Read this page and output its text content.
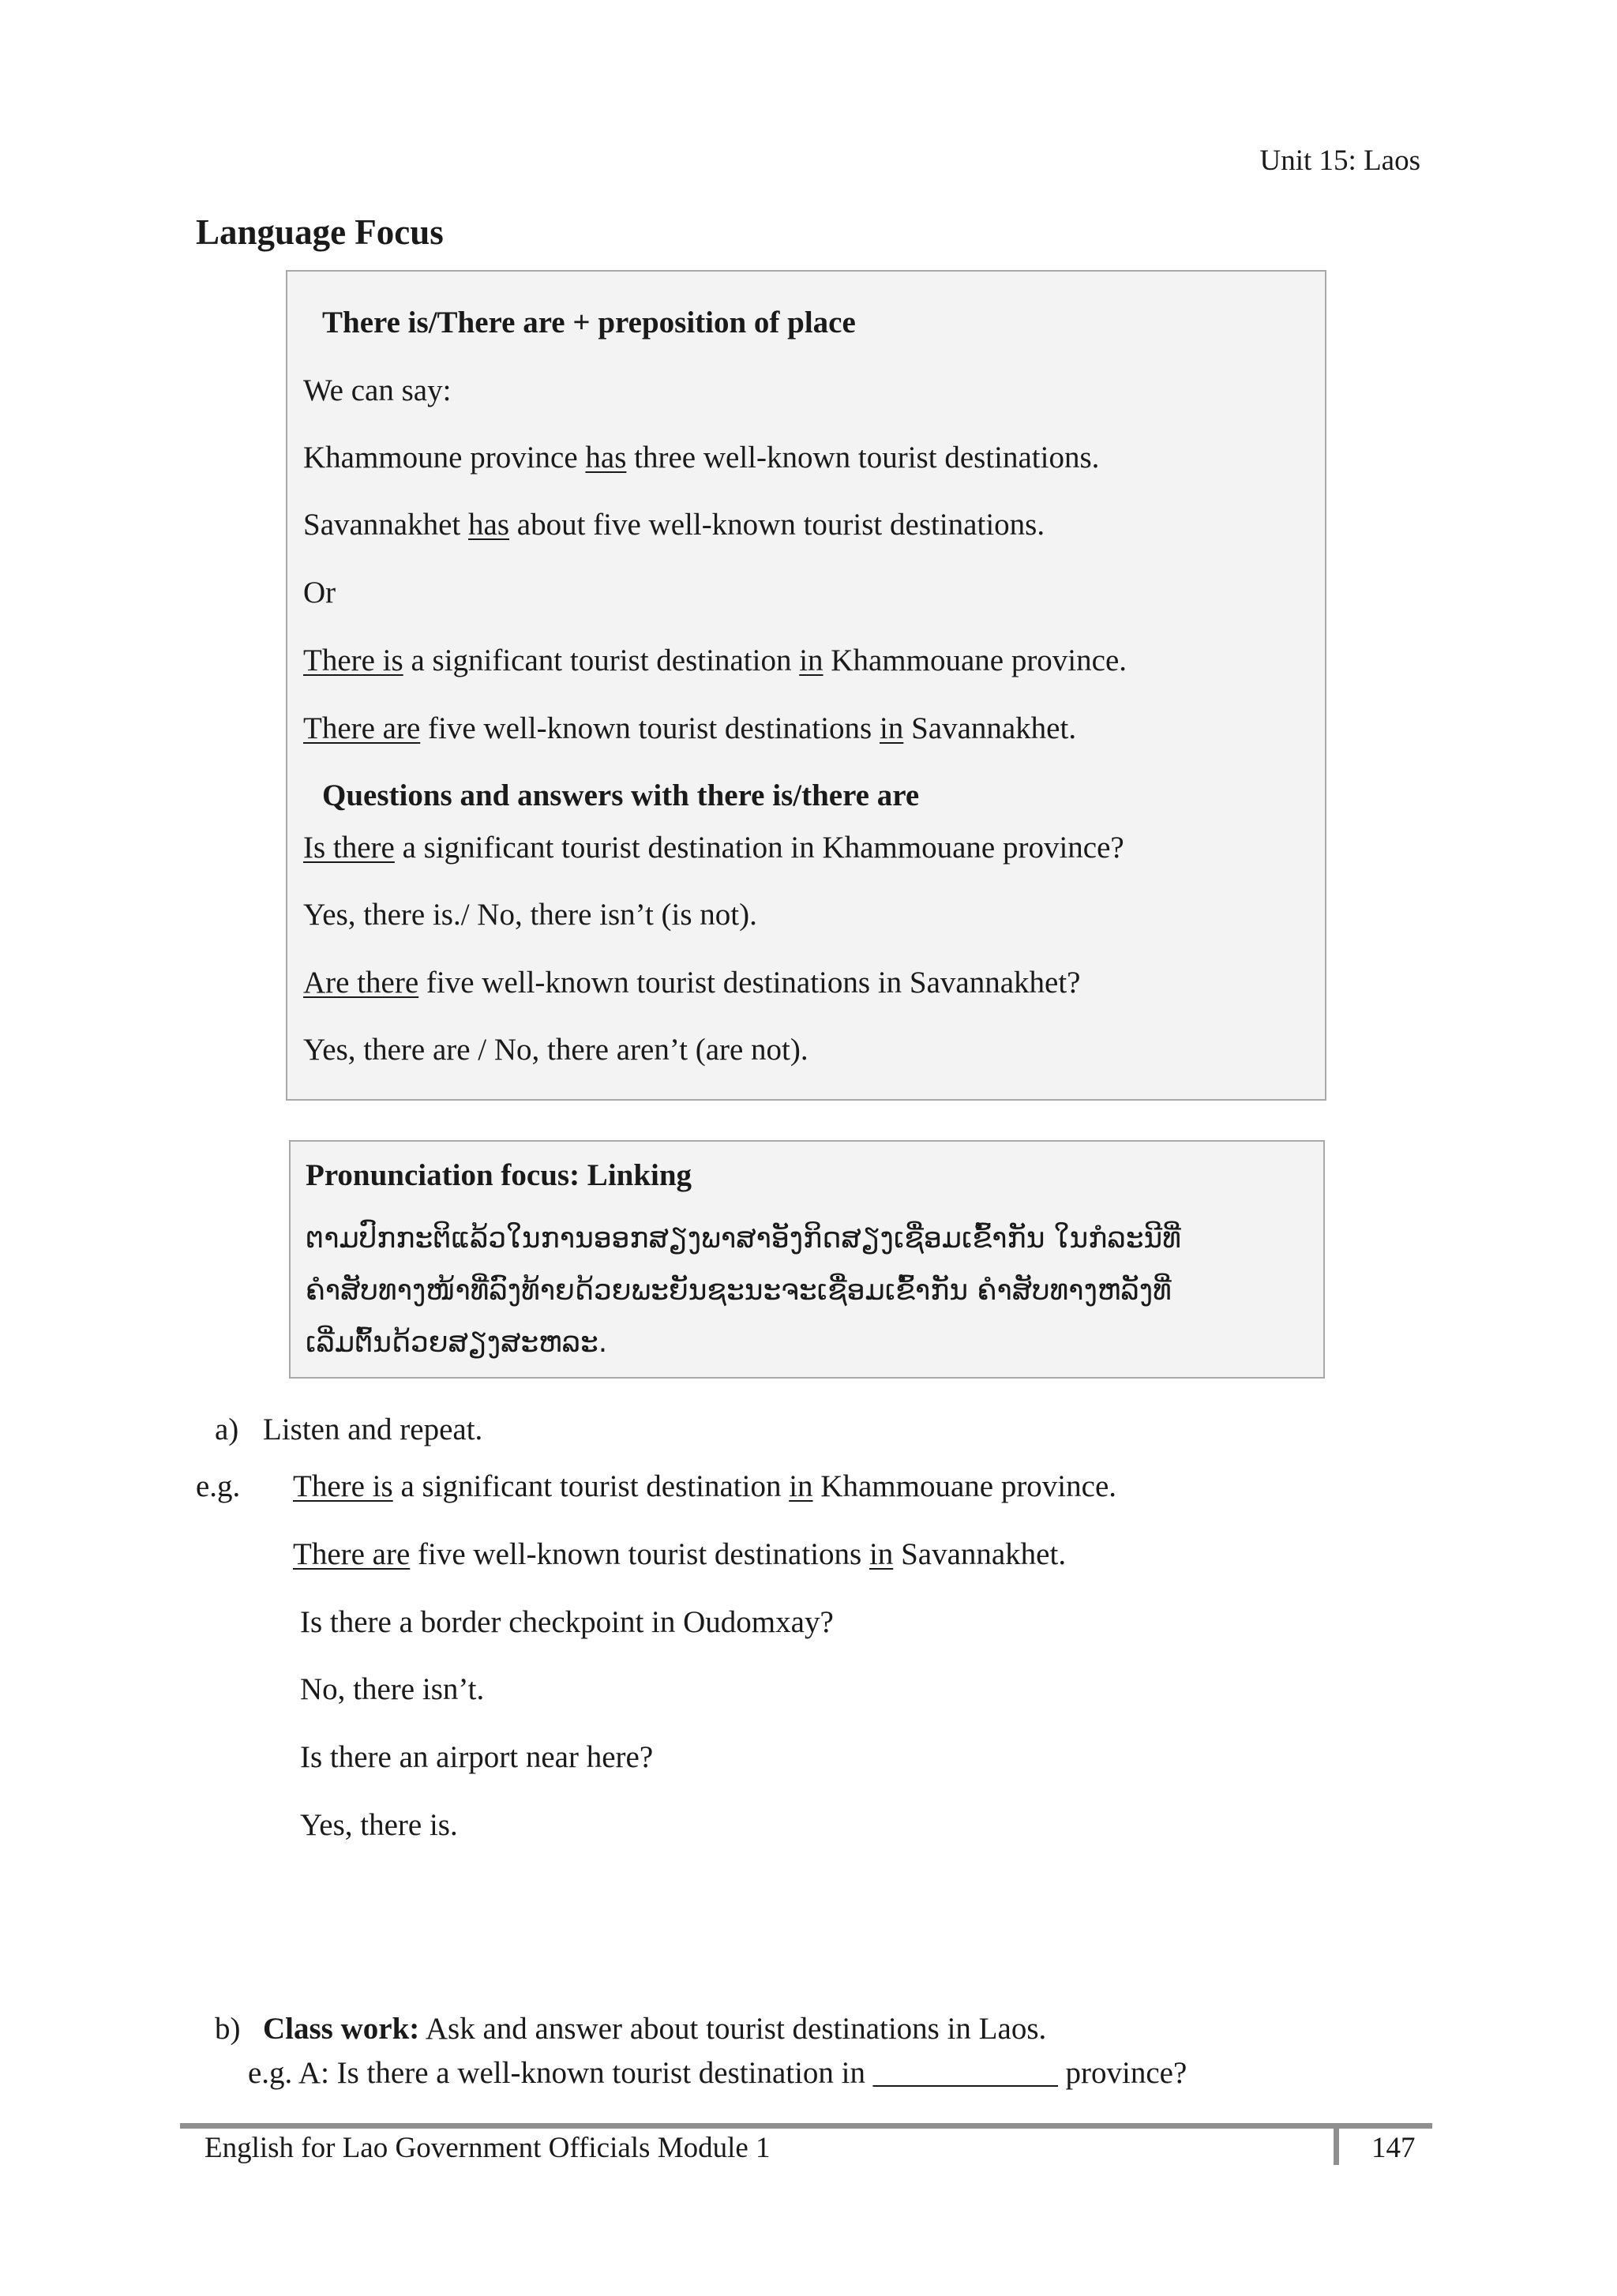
Unit 15: Laos
Language Focus
There is/There are + preposition of place
We can say:
Khammoune province has three well-known tourist destinations.
Savannakhet has about five well-known tourist destinations.
Or
There is a significant tourist destination in Khammouane province.
There are five well-known tourist destinations in Savannakhet.
Questions and answers with there is/there are
Is there a significant tourist destination in Khammouane province?
Yes, there is./ No, there isn’t (is not).
Are there five well-known tourist destinations in Savannakhet?
Yes, there are / No, there aren’t (are not).
Pronunciation focus: Linking
ຕາມປົກກະຕິແລ້ວໃນການອອກສຽງພາສາອັງກິດສຽງເຊື່ອມເຂົ້າກັນ ໃນກໍລະນີທີ່
ຄຳສັບທາງໜ້າທີ່ລົງທ້າຍດ້ວຍພະຍັນຊະນະຈະເຊື່ອມເຂົ້າກັນ ຄຳສັບທາງຫລັງທີ່
ເລີ່ມຕົ້ນດ້ວຍສຽງສະຫລະ.
a) Listen and repeat.
e.g. There is a significant tourist destination in Khammouane province.
There are five well-known tourist destinations in Savannakhet.
Is there a border checkpoint in Oudomxay?
No, there isn’t.
Is there an airport near here?
Yes, there is.
b) Class work: Ask and answer about tourist destinations in Laos.
e.g. A: Is there a well-known tourist destination in ____________ province?
English for Lao Government Officials Module 1	147
